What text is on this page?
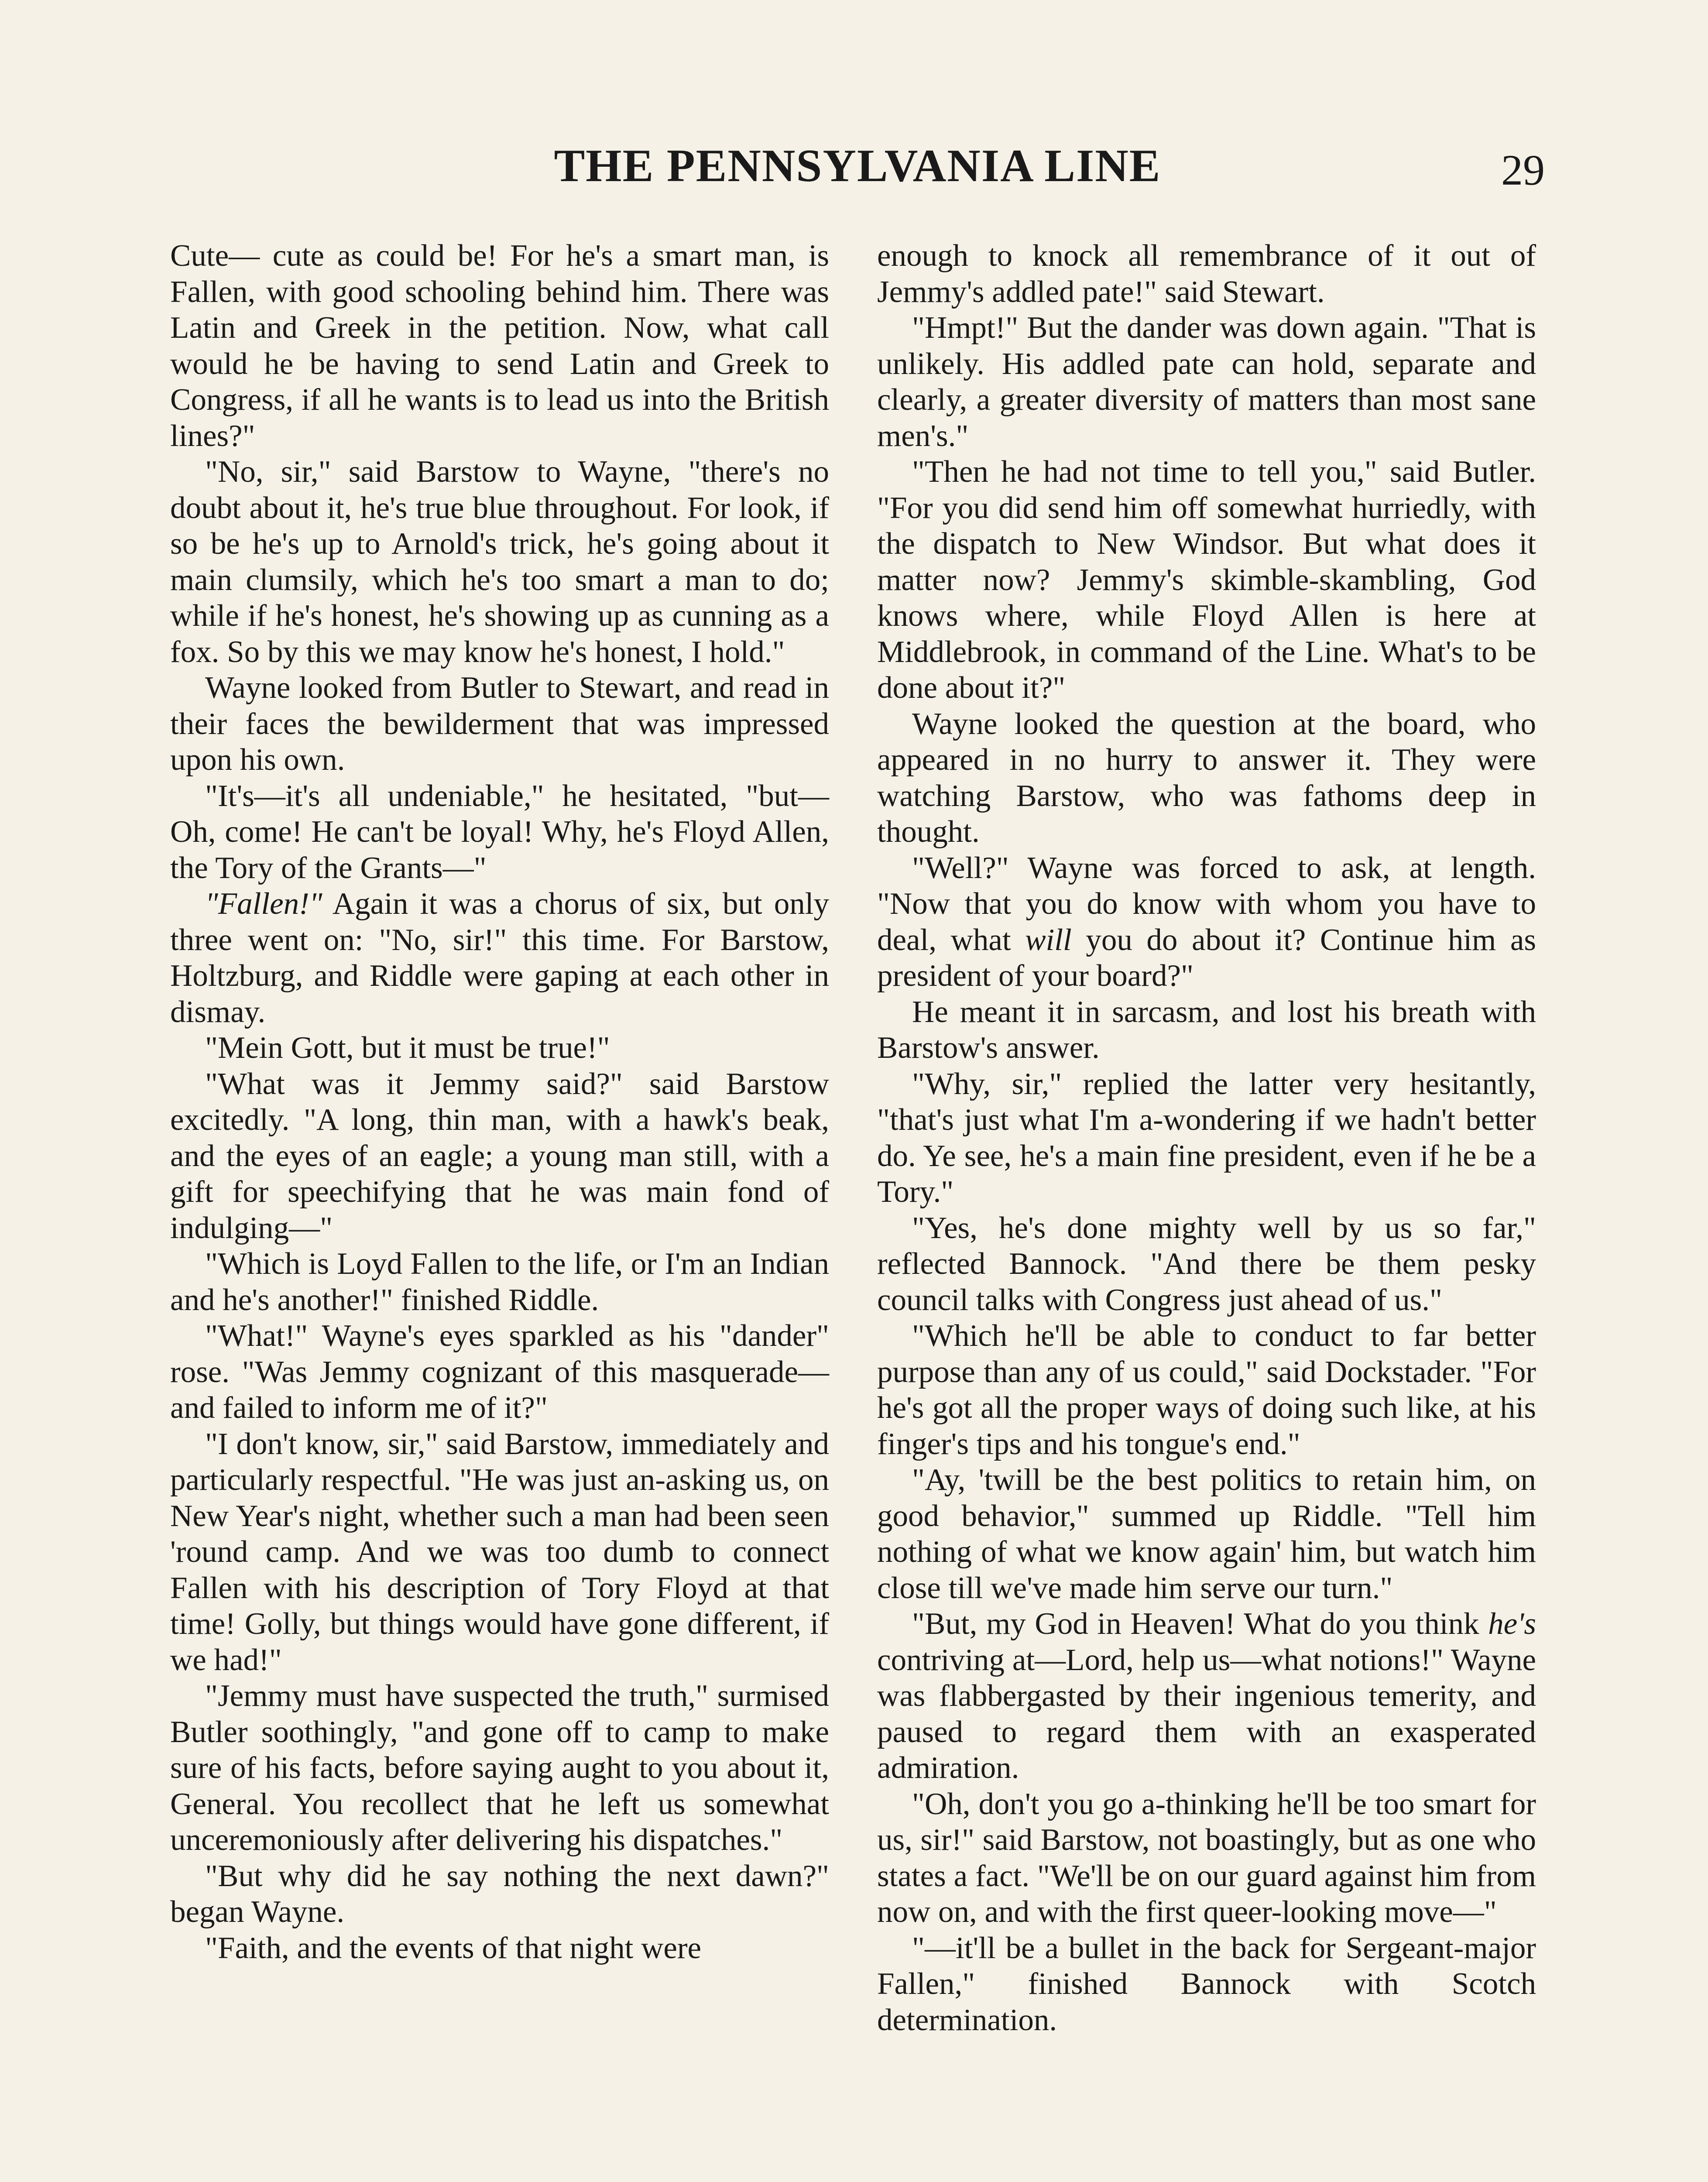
THE PENNSYLVANIA LINE	29

Cute— cute as could be! For he's a smart man, is Fallen, with good schooling behind him. There was Latin and Greek in the petition. Now, what call would he be having to send Latin and Greek to Congress, if all he wants is to lead us into the British lines?"

"No, sir," said Barstow to Wayne, "there's no doubt about it, he's true blue throughout. For look, if so be he's up to Arnold's trick, he's going about it main clumsily, which he's too smart a man to do; while if he's honest, he's showing up as cunning as a fox. So by this we may know he's honest, I hold."

Wayne looked from Butler to Stewart, and read in their faces the bewilderment that was impressed upon his own.

"It's—it's all undeniable," he hesitated, "but— Oh, come! He can't be loyal! Why, he's Floyd Allen, the Tory of the Grants—"

"Fallen!" Again it was a chorus of six, but only three went on: "No, sir!" this time. For Barstow, Holtzburg, and Riddle were gaping at each other in dismay.

"Mein Gott, but it must be true!"

"What was it Jemmy said?" said Barstow excitedly. "A long, thin man, with a hawk's beak, and the eyes of an eagle; a young man still, with a gift for speechifying that he was main fond of indulging—"

"Which is Loyd Fallen to the life, or I'm an Indian and he's another!" finished Riddle.

"What!" Wayne's eyes sparkled as his "dander" rose. "Was Jemmy cognizant of this masquerade—and failed to inform me of it?"

"I don't know, sir," said Barstow, immediately and particularly respectful. "He was just an-asking us, on New Year's night, whether such a man had been seen 'round camp. And we was too dumb to connect Fallen with his description of Tory Floyd at that time! Golly, but things would have gone different, if we had!"

"Jemmy must have suspected the truth," surmised Butler soothingly, "and gone off to camp to make sure of his facts, before saying aught to you about it, General. You recollect that he left us somewhat unceremoniously after delivering his dispatches."

"But why did he say nothing the next dawn?" began Wayne.

"Faith, and the events of that night were

enough to knock all remembrance of it out of Jemmy's addled pate!" said Stewart.

"Hmpt!" But the dander was down again. "That is unlikely. His addled pate can hold, separate and clearly, a greater diversity of matters than most sane men's."

"Then he had not time to tell you," said Butler. "For you did send him off somewhat hurriedly, with the dispatch to New Windsor. But what does it matter now? Jemmy's skimble-skambling, God knows where, while Floyd Allen is here at Middlebrook, in command of the Line. What's to be done about it?"

Wayne looked the question at the board, who appeared in no hurry to answer it. They were watching Barstow, who was fathoms deep in thought.

"Well?" Wayne was forced to ask, at length. "Now that you do know with whom you have to deal, what will you do about it? Continue him as president of your board?"

He meant it in sarcasm, and lost his breath with Barstow's answer.

"Why, sir," replied the latter very hesitantly, "that's just what I'm a-wondering if we hadn't better do. Ye see, he's a main fine president, even if he be a Tory."

"Yes, he's done mighty well by us so far," reflected Bannock. "And there be them pesky council talks with Congress just ahead of us."

"Which he'll be able to conduct to far better purpose than any of us could," said Dockstader. "For he's got all the proper ways of doing such like, at his finger's tips and his tongue's end."

"Ay, 'twill be the best politics to retain him, on good behavior," summed up Riddle. "Tell him nothing of what we know again' him, but watch him close till we've made him serve our turn."

"But, my God in Heaven! What do you think he's contriving at—Lord, help us—what notions!" Wayne was flabbergasted by their ingenious temerity, and paused to regard them with an exasperated admiration.

"Oh, don't you go a-thinking he'll be too smart for us, sir!" said Barstow, not boastingly, but as one who states a fact. "We'll be on our guard against him from now on, and with the first queer-looking move—"

"—it'll be a bullet in the back for Sergeant-major Fallen," finished Bannock with Scotch determination.
